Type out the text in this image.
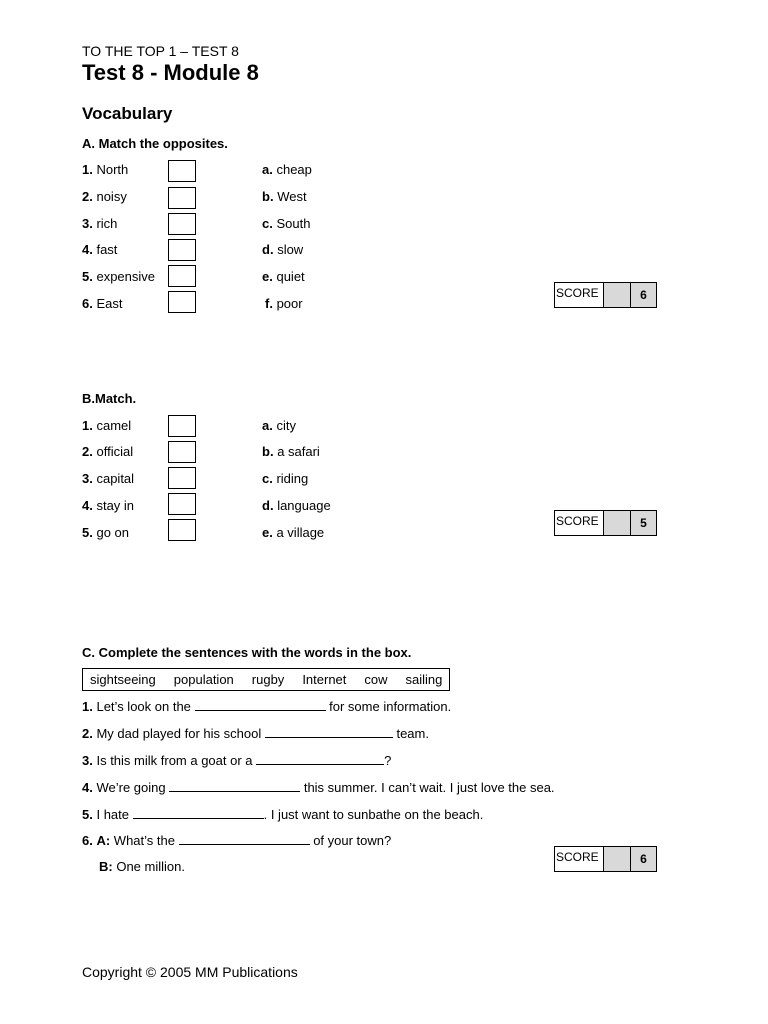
TO THE TOP 1 – TEST 8
Test 8 - Module 8
Vocabulary
A. Match the opposites.
1. North	a. cheap
2. noisy	b. West
3. rich	c. South
4. fast	d. slow
5. expensive	e. quiet
6. East	f. poor
SCORE	6
B.Match.
1. camel	a. city
2. official	b. a safari
3. capital	c. riding
4. stay in	d. language
5. go on	e. a village
SCORE	5
C. Complete the sentences with the words in the box.
sightseeing population rugby Internet cow sailing
1. Let’s look on the	for some information.
2. My dad played for his school	team.
3. Is this milk from a goat or a	?
4. We’re going	this summer. I can’t wait. I just love the sea.
5. I hate	. I just want to sunbathe on the beach.
6. A: What’s the	of your town?
B: One million.
SCORE	6
Copyright © 2005 MM Publications
